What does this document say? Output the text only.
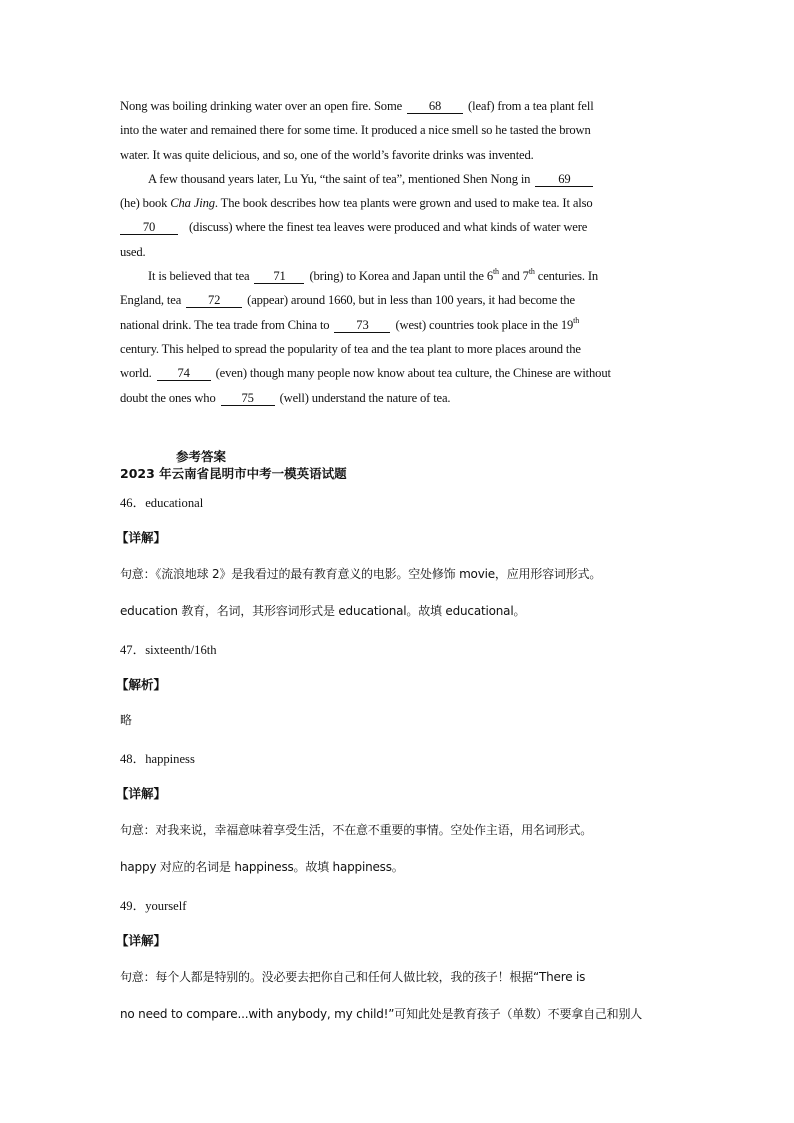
Nong was boiling drinking water over an open fire. Some 68 (leaf) from a tea plant fell
into the water and remained there for some time. It produced a nice smell so he tasted the brown
water. It was quite delicious, and so, one of the world’s favorite drinks was invented.
A few thousand years later, Lu Yu, “the saint of tea”, mentioned Shen Nong in 69
(he) book Cha Jing. The book describes how tea plants were grown and used to make tea. It also
70	(discuss) where the finest tea leaves were produced and what kinds of water were
used.
It is believed that tea 71 (bring) to Korea and Japan until the 6th and 7th centuries. In
England, tea 72 (appear) around 1660, but in less than 100 years, it had become the
national drink. The tea trade from China to 73 (west) countries took place in the 19th
century. This helped to spread the popularity of tea and the tea plant to more places around the
world. 74 (even) though many people now know about tea culture, the Chinese are without
doubt the ones who 75 (well) understand the nature of tea.
参考答案
2023 年云南省昆明市中考一模英语试题
46．educational
【详解】
句意：《流浪地球 2》是我看过的最有教育意义的电影。空处修饰 movie，应用形容词形式。
education 教育，名词，其形容词形式是 educational。故填 educational。
47．sixteenth/16th
【解析】
略
48．happiness
【详解】
句意：对我来说，幸福意味着享受生活，不在意不重要的事情。空处作主语，用名词形式。
happy 对应的名词是 happiness。故填 happiness。
49．yourself
【详解】
句意：每个人都是特别的。没必要去把你自己和任何人做比较，我的孩子！根据“There is
no need to compare...with anybody, my child!”可知此处是教育孩子（单数）不要拿自己和别人
